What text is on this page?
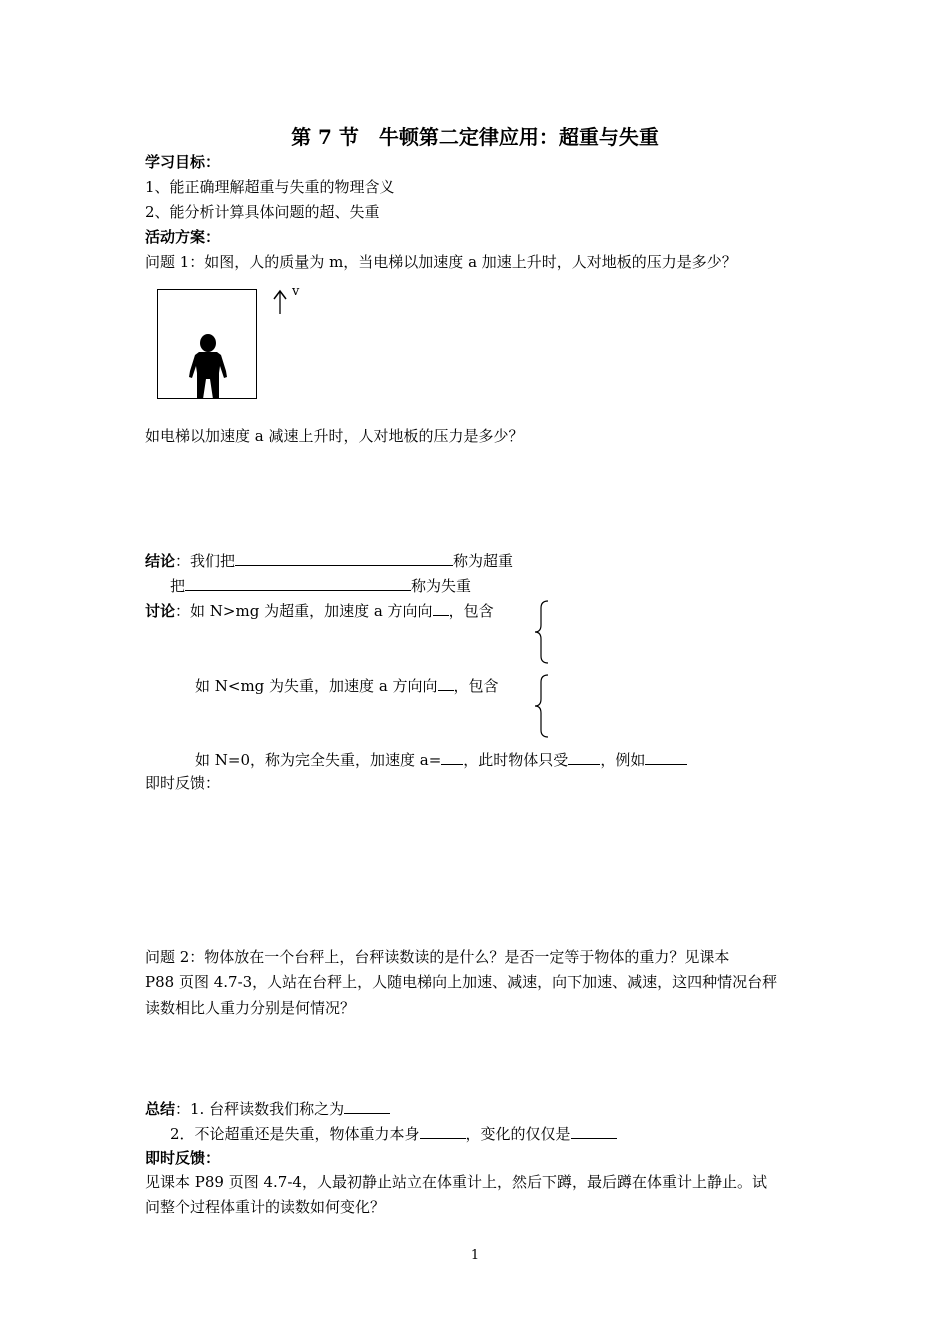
第 7 节　牛顿第二定律应用：超重与失重
学习目标：
1、能正确理解超重与失重的物理含义
2、能分析计算具体问题的超、失重
活动方案：
问题 1：如图，人的质量为 m，当电梯以加速度 a 加速上升时，人对地板的压力是多少？
v
如电梯以加速度 a 减速上升时，人对地板的压力是多少？
结论：我们把	称为超重
把	称为失重
讨论：如 N>mg 为超重，加速度 a 方向向 ，包含
如 N<mg 为失重，加速度 a 方向向 ，包含
如 N=0，称为完全失重，加速度 a= ，此时物体只受 ，例如
即时反馈：
问题 2：物体放在一个台秤上，台秤读数读的是什么？是否一定等于物体的重力？见课本
P88 页图 4.7-3，人站在台秤上，人随电梯向上加速、减速，向下加速、减速，这四种情况台秤
读数相比人重力分别是何情况？
总结：1. 台秤读数我们称之为
2．不论超重还是失重，物体重力本身	，变化的仅仅是
即时反馈：
见课本 P89 页图 4.7-4，人最初静止站立在体重计上，然后下蹲，最后蹲在体重计上静止。试
问整个过程体重计的读数如何变化？
1
